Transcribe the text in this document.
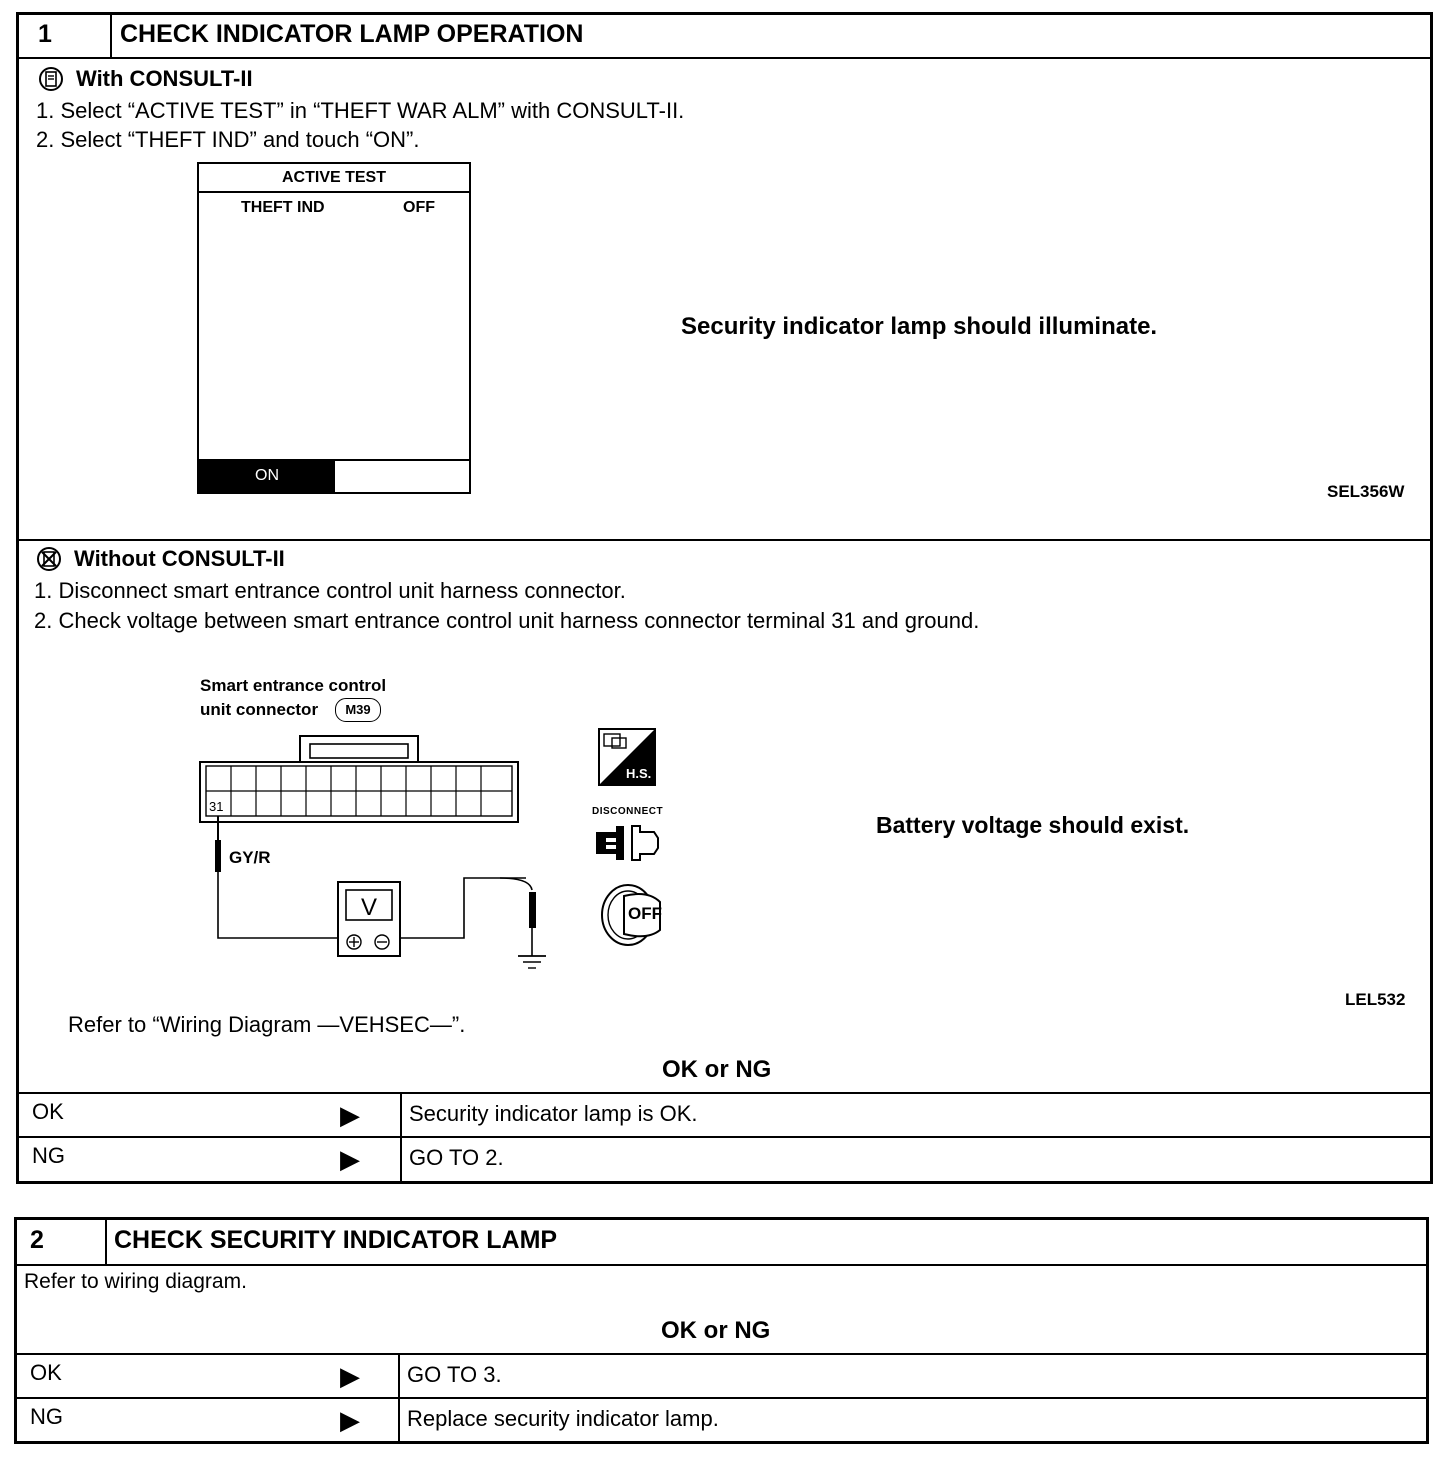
1	CHECK INDICATOR LAMP OPERATION
With CONSULT-II
1. Select “ACTIVE TEST” in “THEFT WAR ALM” with CONSULT-II.
2. Select “THEFT IND” and touch “ON”.
ACTIVE TEST
THEFT IND	OFF
ON
Security indicator lamp should illuminate.
SEL356W
Without CONSULT-II
1. Disconnect smart entrance control unit harness connector.
2. Check voltage between smart entrance control unit harness connector terminal 31 and ground.
Smart entrance control
unit connector	M39
31
V
GY/R
H.S.
DISCONNECT
OFF
Battery voltage should exist.
LEL532
Refer to “Wiring Diagram —VEHSEC—”.
OK or NG
OK	▶ Security indicator lamp is OK.
NG	▶ GO TO 2.
2	CHECK SECURITY INDICATOR LAMP
Refer to wiring diagram.
OK or NG
OK	▶ GO TO 3.
NG	▶ Replace security indicator lamp.
